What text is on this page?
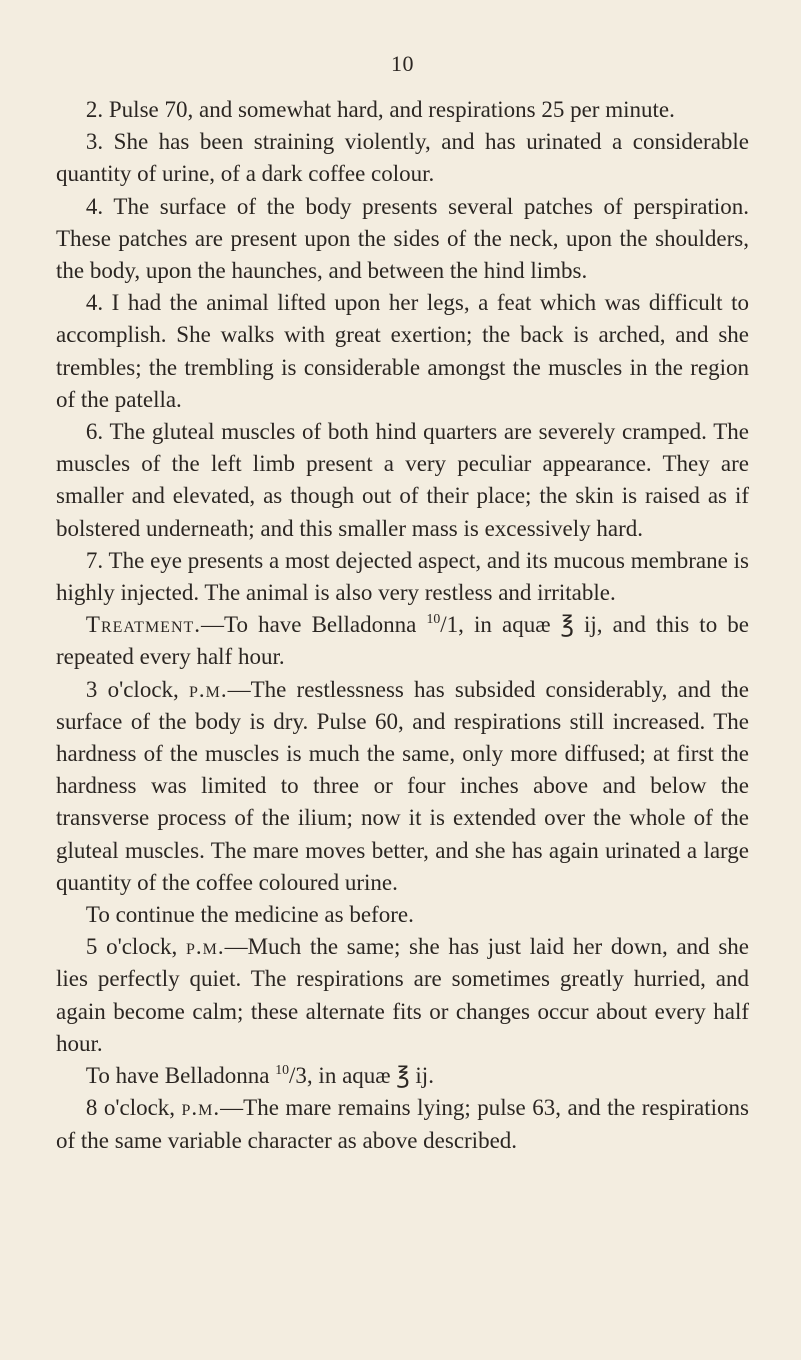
10

2. Pulse 70, and somewhat hard, and respirations 25 per minute.

3. She has been straining violently, and has urinated a considerable quantity of urine, of a dark coffee colour.

4. The surface of the body presents several patches of perspiration. These patches are present upon the sides of the neck, upon the shoulders, the body, upon the haunches, and between the hind limbs.

4. I had the animal lifted upon her legs, a feat which was difficult to accomplish. She walks with great exertion; the back is arched, and she trembles; the trembling is considerable amongst the muscles in the region of the patella.

6. The gluteal muscles of both hind quarters are severely cramped. The muscles of the left limb present a very peculiar appearance. They are smaller and elevated, as though out of their place; the skin is raised as if bolstered underneath; and this smaller mass is excessively hard.

7. The eye presents a most dejected aspect, and its mucous membrane is highly injected. The animal is also very restless and irritable.

Treatment.—To have Belladonna $^{10}$/1, in aquæ ℥ ij, and this to be repeated every half hour.

3 o'clock, p.m.—The restlessness has subsided considerably, and the surface of the body is dry. Pulse 60, and respirations still increased. The hardness of the muscles is much the same, only more diffused; at first the hardness was limited to three or four inches above and below the transverse process of the ilium; now it is extended over the whole of the gluteal muscles. The mare moves better, and she has again urinated a large quantity of the coffee coloured urine.

To continue the medicine as before.

5 o'clock, p.m.—Much the same; she has just laid her down, and she lies perfectly quiet. The respirations are sometimes greatly hurried, and again become calm; these alternate fits or changes occur about every half hour.

To have Belladonna $^{10}$/3, in aquæ ℥ ij.

8 o'clock, p.m.—The mare remains lying; pulse 63, and the respirations of the same variable character as above described.
